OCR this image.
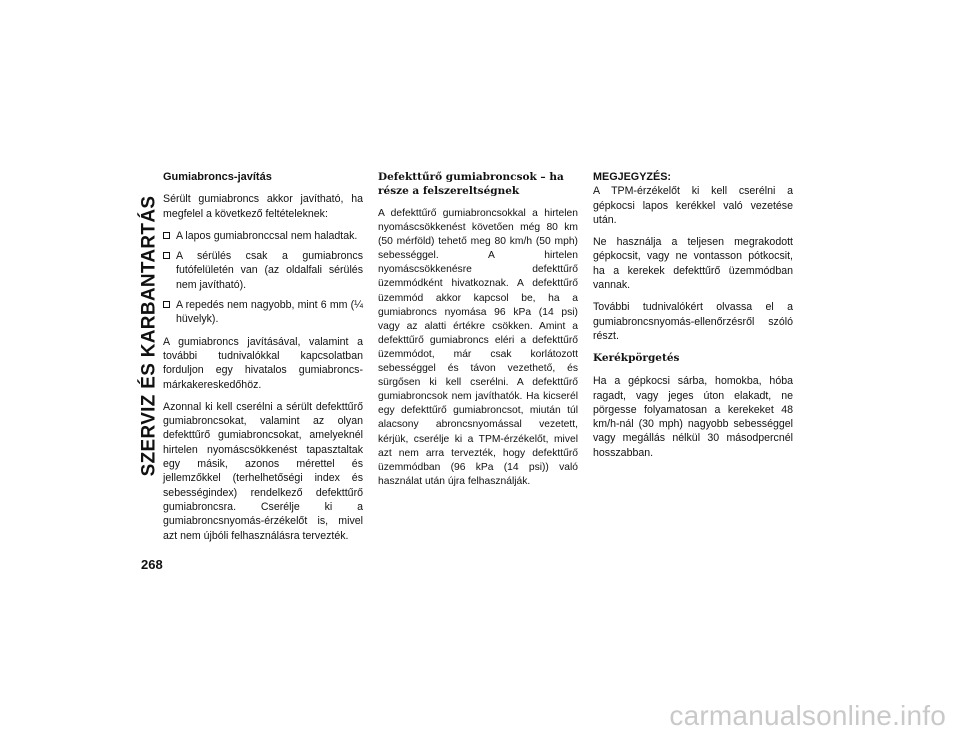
SZERVIZ ÉS KARBANTARTÁS
Gumiabroncs-javítás

Sérült gumiabroncs akkor javítható, ha megfelel a következő feltételeknek:

A lapos gumiabronccsal nem haladtak.
A sérülés csak a gumiabroncs futófelületén van (az oldalfali sérülés nem javítható).
A repedés nem nagyobb, mint 6 mm (¼ hüvelyk).

A gumiabroncs javításával, valamint a további tudnivalókkal kapcsolatban forduljon egy hivatalos gumiabroncs-márkakereskedőhöz.

Azonnal ki kell cserélni a sérült defekttűrő gumiabroncsokat, valamint az olyan defekttűrő gumiabroncsokat, amelyeknél hirtelen nyomáscsökkenést tapasztaltak egy másik, azonos mérettel és jellemzőkkel (terhelhetőségi index és sebességindex) rendelkező defekttűrő gumiabroncsra. Cserélje ki a gumiabroncsnyomás-érzékelőt is, mivel azt nem újbóli felhasználásra tervezték.

Defekttűrő gumiabroncsok – ha része a felszereltségnek

A defekttűrő gumiabroncsokkal a hirtelen nyomáscsökkenést követően még 80 km (50 mérföld) tehető meg 80 km/h (50 mph) sebességgel. A hirtelen nyomáscsökkenésre defekttűrő üzemmódként hivatkoznak. A defekttűrő üzemmód akkor kapcsol be, ha a gumiabroncs nyomása 96 kPa (14 psi) vagy az alatti értékre csökken. Amint a defekttűrő gumiabroncs eléri a defekttűrő üzemmódot, már csak korlátozott sebességgel és távon vezethető, és sürgősen ki kell cserélni. A defekttűrő gumiabroncsok nem javíthatók. Ha kicserél egy defekttűrő gumiabroncsot, miután túl alacsony abroncsnyomással vezetett, kérjük, cserélje ki a TPM-érzékelőt, mivel azt nem arra tervezték, hogy defekttűrő üzemmódban (96 kPa (14 psi)) való használat után újra felhasználják.

MEGJEGYZÉS:

A TPM-érzékelőt ki kell cserélni a gépkocsi lapos kerékkel való vezetése után.

Ne használja a teljesen megrakodott gépkocsit, vagy ne vontasson pótkocsit, ha a kerekek defekttűrő üzemmódban vannak.

További tudnivalókért olvassa el a gumiabroncsnyomás-ellenőrzésről szóló részt.

Kerékpörgetés

Ha a gépkocsi sárba, homokba, hóba ragadt, vagy jeges úton elakadt, ne pörgesse folyamatosan a kerekeket 48 km/h-nál (30 mph) nagyobb sebességgel vagy megállás nélkül 30 másodpercnél hosszabban.

268
carmanualsonline.info
